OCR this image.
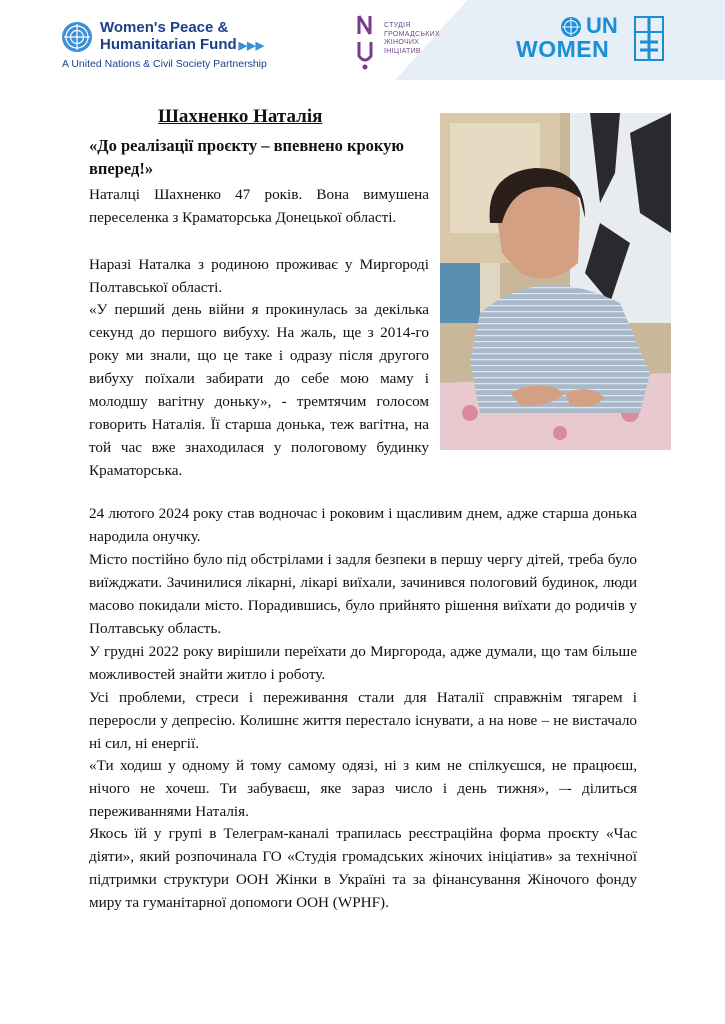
Women's Peace &
Humanitarian Fund ▶▶▶
A United Nations & Civil Society Partnership
СТУДІЯ
ГРОМАДСЬКИХ
ЖІНОЧИХ
ІНІЦІАТИВ
UN
WOMEN
Шахненко Наталія
«До реалізації проєкту – впевнено крокую вперед!»

Наталці Шахненко 47 років. Вона вимушена переселенка з Краматорська Донецької області.

Наразі Наталка з родиною проживає у Миргороді Полтавської області.

«У перший день війни я прокинулась за декілька секунд до першого вибуху. На жаль, ще з 2014-го року ми знали, що це таке і одразу після другого вибуху поїхали забирати до себе мою маму і молодшу вагітну доньку», - тремтячим голосом говорить Наталія. Її старша донька, теж вагітна, на той час вже знаходилася у пологовому будинку Краматорська.

24 лютого 2024 року став водночас і роковим і щасливим днем, адже старша донька народила онучку.

Місто постійно було під обстрілами і задля безпеки в першу чергу дітей, треба було виїжджати. Зачинилися лікарні, лікарі виїхали, зачинився пологовий будинок, люди масово покидали місто. Порадившись, було прийнято рішення виїхати до родичів у Полтавську область.

У грудні 2022 року вирішили переїхати до Миргорода, адже думали, що там більше можливостей знайти житло і роботу.

Усі проблеми, стреси і переживання стали для Наталії справжнім тягарем і переросли у депресію. Колишнє життя перестало існувати, а на нове – не вистачало ні сил, ні енергії.

«Ти ходиш у одному й тому самому одязі, ні з ким не спілкуєшся, не працюєш, нічого не хочеш. Ти забуваєш, яке зараз число і день тижня», –- ділиться переживаннями Наталія.

Якось їй у групі в Телеграм-каналі трапилась реєстраційна форма проєкту «Час діяти», який розпочинала ГО «Студія громадських жіночих ініціатив» за технічної підтримки структури ООН Жінки в Україні та за фінансування Жіночого фонду миру та гуманітарної допомоги ООН (WPHF).
